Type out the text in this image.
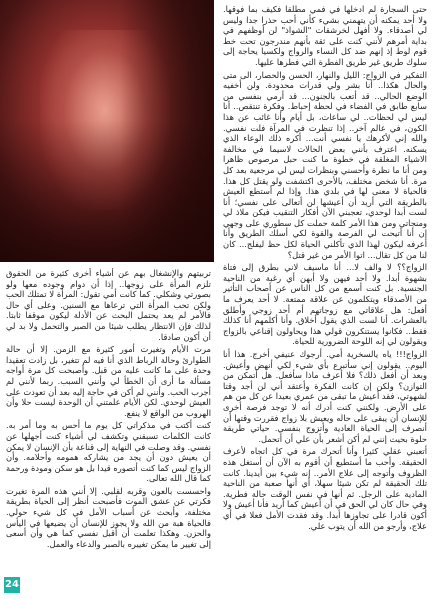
حتى السجارة لم ادخلها في فمي مطلقا فكيف بما فوقها. ولا أحد يمكنه أن يتهمني بشيء كأني أحب حذرا جدا وليس لي أصدقاء. ولا أفهل لخرشقات "الشواذ" لن أوظفهم في بداية أمرهم لأنني كنت على ثقة بأنهم مندرجون تحت خط قوم لوط إذ إنهم ضد كل النساء والرواج ولكسيا يحاجة إلى سلوك طريق غير طريق الفطرة التي فطرها عليها.

التفكير في الزواج: الليل والنهار، الحسن والحصار، الى متى والحال هكذا.. أنا بشر ولي قدرات محدودة. ولن أخفيه الوضع الحالي.. قد أتعب بالجنون... قد أرمي بنفسي من سابع طابق في الفضاء في لحظة إحباط. وفكرة تنتقص.. أنا ليس لي لحظات.. لي ساعات، بل أيام وأنا غائب عن هذا الكون، في عالم آخر.. إذا تنظرت في المرآة فلت نفسي. والله إني لأكرهك يا نفسي أنت... أكره ذلك الوعاء الذي يسكنه. اعترف بأنني بعض الحالات لاسيما في مخالفة الاشياء المغلقة في خطوة ما كنت حبل مرصوص ظاهرا ومن أنا ما نظرة وأحسني وبنظرات ليس لي مرجعية بعد كل مرة. أنا شخص مختلف، بالأحرى اكتشفت ولو يقتل كل هذا. فالحياة لا معنى لها في بلدي هذا. وإذا لم أستطع العيش بالطريقة التي أريد أن أعيشها لن أتعالى على نفسي؛ أنا لست أبدا لوحدي، تعجبني الآن أفكار التنقيب فيكن ملاذ لي ومنجاتي ومن هذا الأمر كلمة حملت كل سطوري على وجهي إن أنا أتيحت لي الفرصة والقوة لكي أسلك الطريق وأنا أعرفه ليكون لهذا الذي تأكلني الحياة لكل حظ ليفلج... كان لنا من كل تقال... اتوا الأمر من غير قتل؟

الزواج؟؟ لا والف لا... أنا ماسيف لاني بطرق إلى فتاة بشهوة أبدا. ولا أحد فيهن ولا أبهن أي رغبة من الناحية الجنسية. بل كنت أسمع من كل الناس عن أصحاب التأثير من الأصدقاء ويتكلمون عن علاقة ممتعة. لا أحد يعرف ما أفعل: هل علاقاتي مع زوجاتهم أم أحد زوجي وأطلق بالعشرات. أنا لست الذي يقول أخلاق. وأنا أكلمهم أنا كذلك فقط.. فكانوا يستنكرون قولي هذا ويحاولون إقناعي بالزواج ويقولون لي إنه اللوحة الضرورية للحياة.

الزواج!!! ياه يالسخرية أمي. أرجوك عنيفي أخرج. هذا أنا اليوم.. يقولون إني سأتبرع بأي شيء لكي أنهض وأعيش. وبعد أن أفعل ذلك؟ فلا أعرف ماذا سأفعل. هل أتمكن من التوازن؟ ولكن إن كانت الفكرة وأعتقد أني لن أجد وقتا لشهوتي، فقد أعيش ما تبقى من عمري بعيدا عن كل من هم على الأرض. ولكنني كنت أدرك أنه لا توجد فرصة أخرى للإنسان أن يبقى على حاله ويعيش بلا زواج فقررت وقتها أن أنصرف إلى الحياة العادية وأتزوج بنفسي. حياتي طريقة حلوة بحيث إنني لم أكن أشعر بأن علي أن أتحمل.

أتعبني عقلي كثيرا وأنا أتحرك مرة في كل اتجاه لأعرف الحقيقة. وأحب ما أستطيع أن أقوم به الآن أن أستغل هذه الظروف وأتوجه إلى علاج الأمر.. إنه شيء بين أيدينا. كانت تلك الحقيقة لم تكن شيئا سهلا، أي أنها صعبة من الناحية المادية على الرجل. ثم أنها في نفس الوقت حالة فطرية. وفي حال كان لي الحق في أن أعيش كما أريد فأنا أعيش ولا أكون قادرا على تجاوزها أبدا. وقد فقدت الأمل فعلا في أي علاج، وأرجو من الله أن يتوب علي.

تربيتهم والإنشغال بهم عن أشياء أخرى كثيرة من الحقوق تلزم المرأة على زوجها.. إذا أن دوام وجوده معها ولو بصورتي وشكلي. كما كانت أمي تقول: المرأة لا تمتلك الحب ولكن تحب المرأة التي ترعاها مع السنين. وعلى أي حال فالأمر لم يعد يحتمل البحث عن الأدلة ليكون موقفا ثابتا. لذلك فإن الانتظار يطلب شيئا من الصبر والتحمل ولا بد لي أن أكون صادقا.

مرت الأيام وتغيرت أمور كثيرة مع الزمن. إلا أن حالة الطوارئ وحالة الرباط الذي أنا فيه لم تتغير، بل زادت تعقيدا وحدة على ما كانت عليه من قبل. وأصبحت كل مرة أواجه مسألة ما أرى أن الخطأ لي وأنني السبب. ربما لأنني لم أجرب الحب. وأنني لم أكن في حاجة إليه بعد أن تعودت على العيش لوحدي. لكن الأيام علمتني أن الوحدة ليست حلا وأن الهروب من الواقع لا ينفع.

كنت أكتب في مذكراتي كل يوم ما أحس به وما أمر به. كانت الكلمات تسبقني وتكشف لي أشياء كنت أجهلها عن نفسي. وقد وصلت في النهاية إلى قناعة بأن الإنسان لا يمكن أن يعيش دون أن يجد من يشاركه همومه وأحلامه. وأن الزواج ليس كما كنت أتصوره قيدا بل هو سكن ومودة ورحمة كما قال الله تعالى.

واحسست بالعون وقربه لقلبي. إلا أنني هذه المرة تغيرت فكرتي عن عشق الموت فأصبحت أنظر إلى الحياة بطريقة مختلفة، وأبحث عن أسباب الأمل في كل شيء حولي. فالحياة هبة من الله ولا يجوز للإنسان أن يضيعها في اليأس والحزن. وهكذا تعلمت أن أقبل نفسي كما هي وأن أسعى إلى تغيير ما يمكن تغييره بالصبر والدعاء والعمل.

24
